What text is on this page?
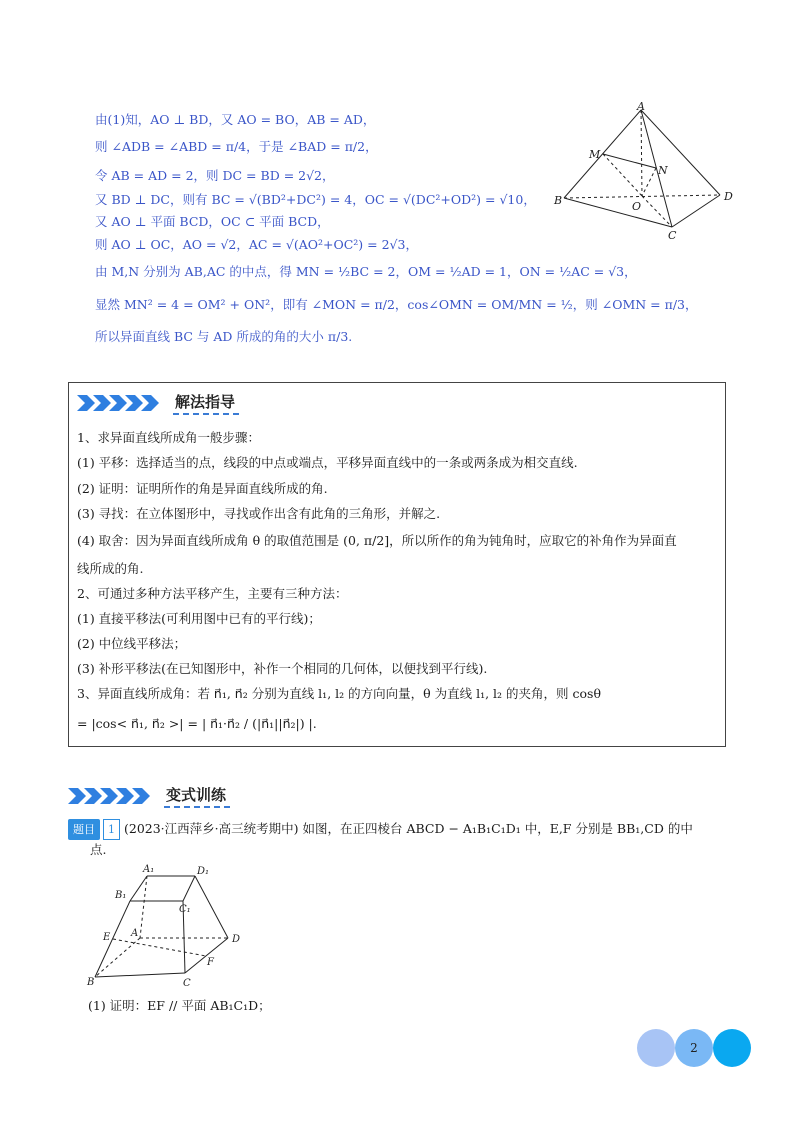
由(1)知，AO ⊥ BD，又 AO = BO，AB = AD，
则 ∠ADB = ∠ABD = π/4，于是 ∠BAD = π/2，
令 AB = AD = 2，则 DC = BD = 2√2，
又 BD ⊥ DC，则有 BC = √(BD²+DC²) = 4，OC = √(DC²+OD²) = √10，
又 AO ⊥ 平面 BCD，OC ⊂ 平面 BCD，
则 AO ⊥ OC，AO = √2，AC = √(AO²+OC²) = 2√3，
由 M,N 分别为 AB,AC 的中点，得 MN = ½BC = 2，OM = ½AD = 1，ON = ½AC = √3，
显然 MN² = 4 = OM² + ON²，即有 ∠MON = π/2，cos∠OMN = OM/MN = ½，则 ∠OMN = π/3，
所以异面直线 BC 与 AD 所成的角的大小 π/3.
A
M
N
B	O
D
C
解法指导
1、求异面直线所成角一般步骤：
(1) 平移：选择适当的点，线段的中点或端点，平移异面直线中的一条或两条成为相交直线.
(2) 证明：证明所作的角是异面直线所成的角.
(3) 寻找：在立体图形中，寻找或作出含有此角的三角形，并解之.
(4) 取舍：因为异面直线所成角 θ 的取值范围是 (0, π/2]，所以所作的角为钝角时，应取它的补角作为异面直
线所成的角.
2、可通过多种方法平移产生，主要有三种方法：
(1) 直接平移法(可利用图中已有的平行线)；
(2) 中位线平移法；
(3) 补形平移法(在已知图形中，补作一个相同的几何体，以便找到平行线).
3、异面直线所成角：若 n⃗₁, n⃗₂ 分别为直线 l₁, l₂ 的方向向量，θ 为直线 l₁, l₂ 的夹角，则 cosθ
= |cos< n⃗₁, n⃗₂ >| = | n⃗₁·n⃗₂ / (|n⃗₁||n⃗₂|) |.
变式训练
题目 1 (2023·江西萍乡·高三统考期中) 如图，在正四棱台 ABCD − A₁B₁C₁D₁ 中，E,F 分别是 BB₁,CD 的中
点.
A₁	D₁
B₁
C₁
E A
D
F
B	C
(1) 证明：EF // 平面 AB₁C₁D；
2
